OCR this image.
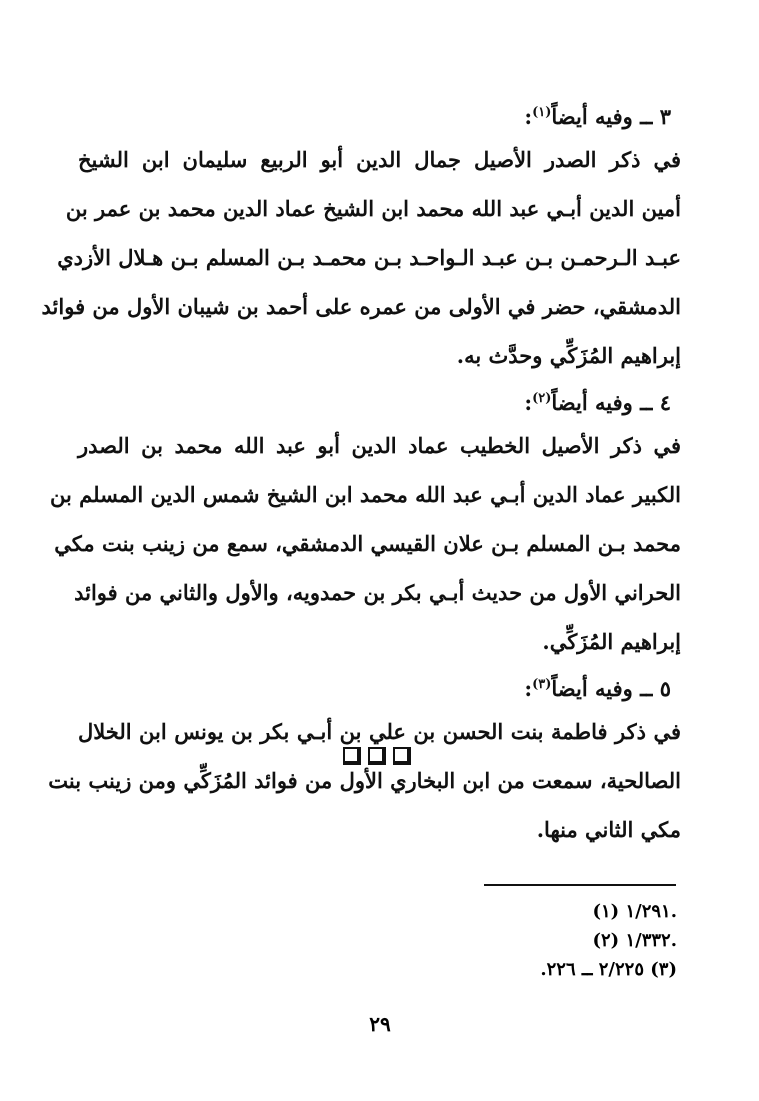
٣ ــ وفيه أيضاً$^{(١)}$:
في ذكر الصدر الأصيل جمال الدين أبو الربيع سليمان ابن الشيخ
أمين الدين أبـي عبد الله محمد ابن الشيخ عماد الدين محمد بن عمر بن
عبـد الـرحمـن بـن عبـد الـواحـد بـن محمـد بـن المسلم بـن هـلال الأزدي
الدمشقي، حضر في الأولى من عمره على أحمد بن شيبان الأول من فوائد
إبراهيم المُزَكِّي وحدَّث به.
٤ ــ وفيه أيضاً$^{(٢)}$:
في ذكر الأصيل الخطيب عماد الدين أبو عبد الله محمد بن الصدر
الكبير عماد الدين أبـي عبد الله محمد ابن الشيخ شمس الدين المسلم بن
محمد بـن المسلم بـن علان القيسي الدمشقي، سمع من زينب بنت مكي
الحراني الأول من حديث أبـي بكر بن حمدويه، والأول والثاني من فوائد
إبراهيم المُزَكِّي.
٥ ــ وفيه أيضاً$^{(٣)}$:
في ذكر فاطمة بنت الحسن بن علي بن أبـي بكر بن يونس ابن الخلال
الصالحية، سمعت من ابن البخاري الأول من فوائد المُزَكِّي ومن زينب بنت
مكي الثاني منها.
(١) ١/٢٩١.
(٢) ١/٣٣٢.
(٣) ٢/٢٢٥ ــ ٢٢٦.
٢٩
